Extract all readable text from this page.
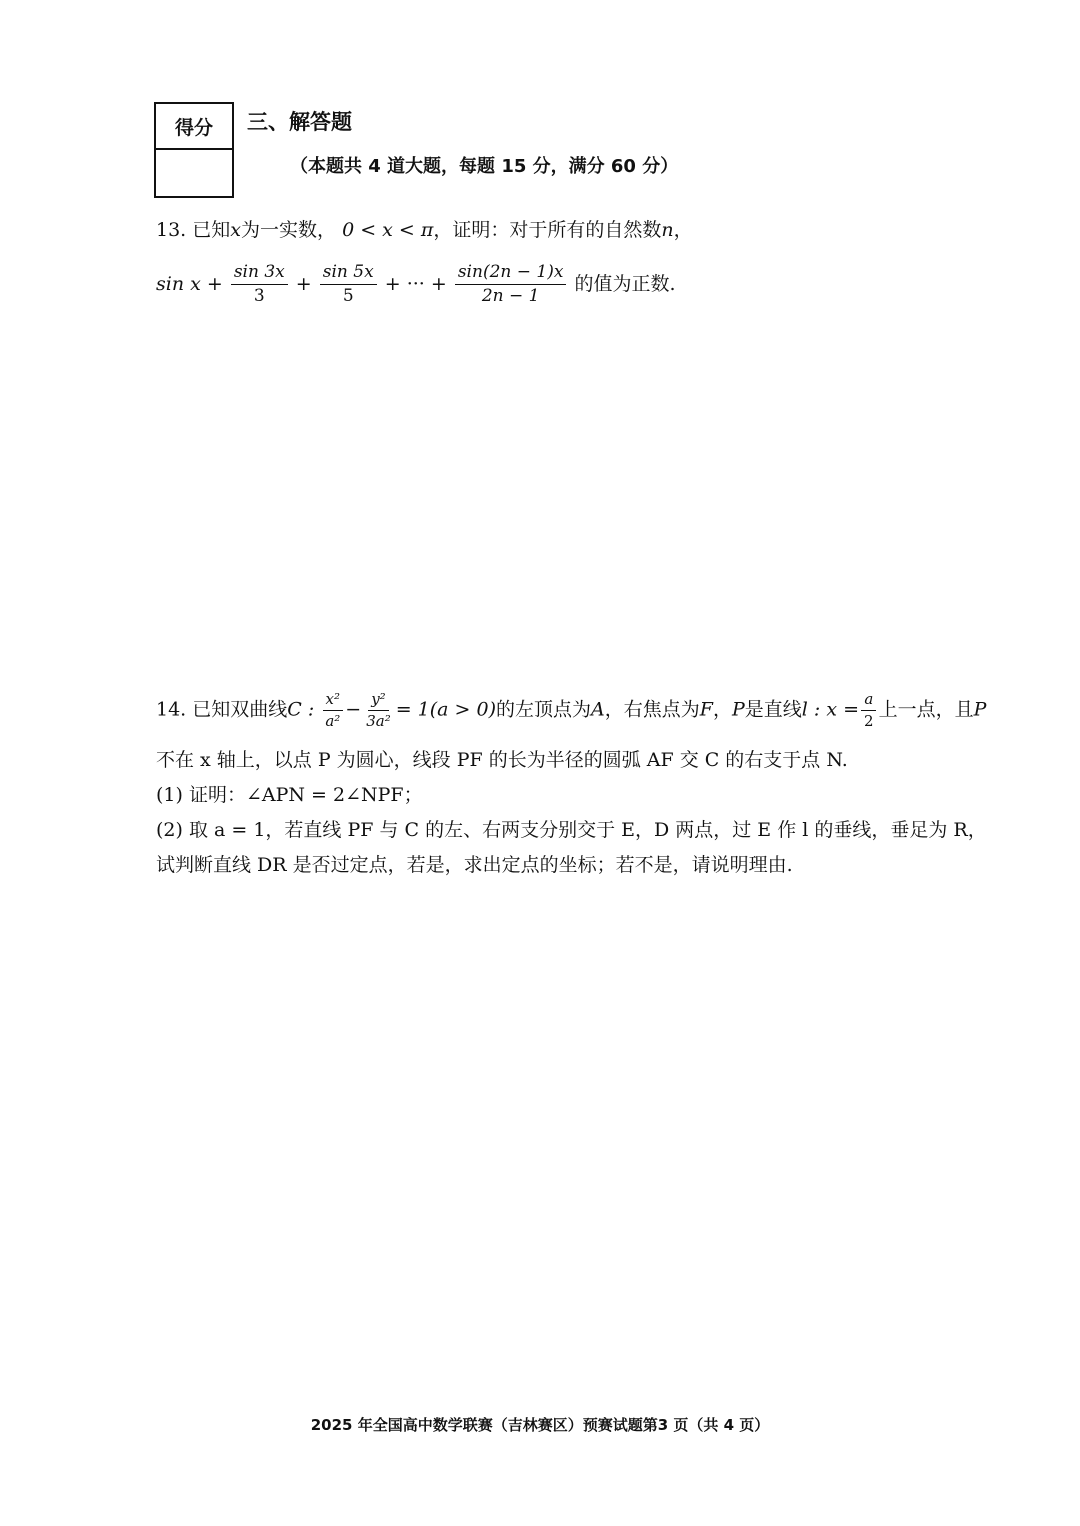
得分	三、解答题
（本题共 4 道大题，每题 15 分，满分 60 分）
13. 已知x为一实数， 0 < x < π，证明：对于所有的自然数n，
$\sin x + \frac{\sin 3x}{3} + \frac{\sin 5x}{5}$ + ··· + $\frac{\sin(2n - 1)x}{2n - 1}$ 的值为正数.
14. 已知双曲线C : $\frac{\text{x²}}{\text{a²}} - \frac{\text{y²}}{\text{3a²}} = 1(a > 0)$的左顶点为A，右焦点为F，P是直线l : $x = \frac{a}{2}$ 上一点，且P
不在 x 轴上，以点 P 为圆心，线段 PF 的长为半径的圆弧 AF 交 C 的右支于点 N.
(1) 证明：∠APN = 2∠NPF；
(2) 取 a = 1，若直线 PF 与 C 的左、右两支分别交于 E，D 两点，过 E 作 l 的垂线，垂足为 R，
试判断直线 DR 是否过定点，若是，求出定点的坐标；若不是，请说明理由.
2025 年全国高中数学联赛（吉林赛区）预赛试题第3 页（共 4 页）
